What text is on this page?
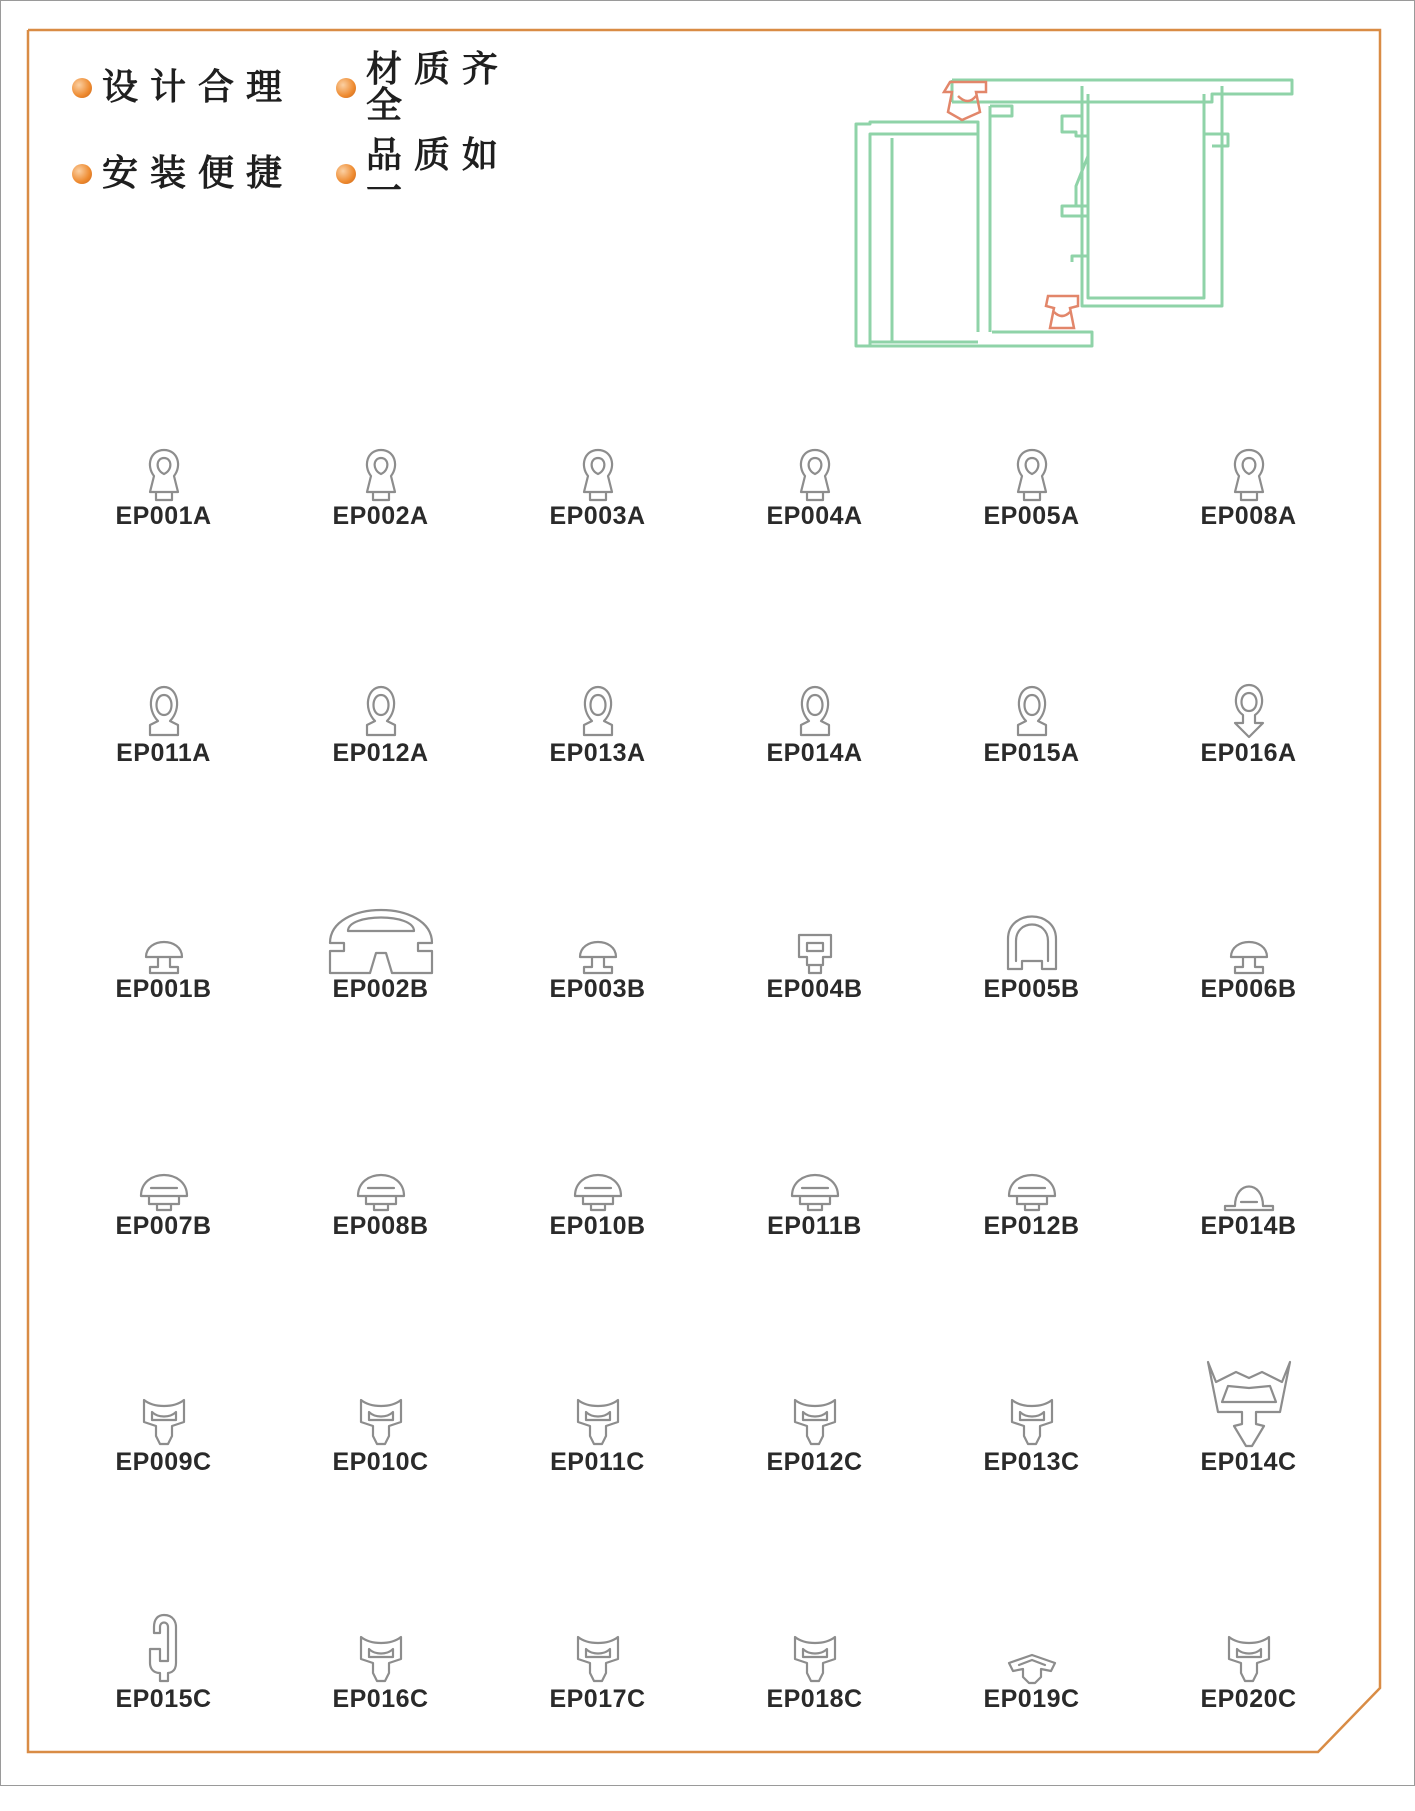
设计合理 材质齐全
安装便捷 品质如一
EP001A	EP002A	EP003A	EP004A	EP005A	EP008A
EP011A	EP012A	EP013A	EP014A	EP015A	EP016A
EP001B	EP002B	EP003B	EP004B	EP005B	EP006B
EP007B	EP008B	EP010B	EP011B	EP012B	EP014B
EP009C	EP010C	EP011C	EP012C	EP013C	EP014C
EP015C	EP016C	EP017C	EP018C	EP019C	EP020C
